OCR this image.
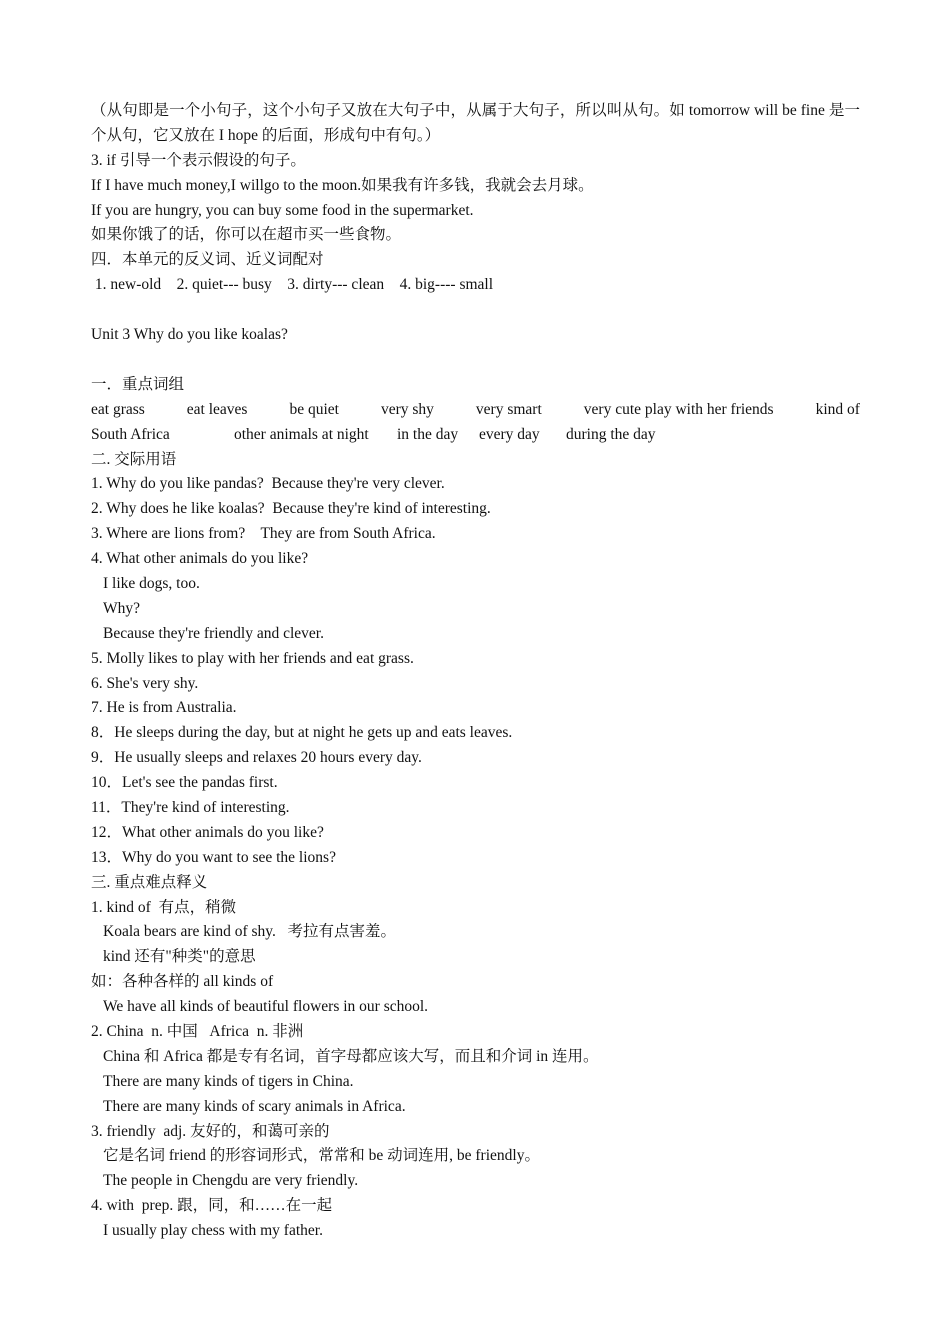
（从句即是一个小句子，这个小句子又放在大句子中，从属于大句子，所以叫从句。如 tomorrow will be fine 是一个从句，它又放在 I hope 的后面，形成句中有句。）
3. if 引导一个表示假设的句子。
If I have much money,I willgo to the moon.如果我有许多钱，我就会去月球。
If you are hungry, you can buy some food in the supermarket.
如果你饿了的话，你可以在超市买一些食物。
四．本单元的反义词、近义词配对
1. new-old    2. quiet--- busy    3. dirty--- clean    4. big---- small
Unit 3 Why do you like koalas?
一．重点词组
eat grass	eat leaves	be quiet	very shy	very smart	very cute play with her friends	kind of
South Africa	other animals at night	in the day	every day	during the day
二. 交际用语
1. Why do you like pandas?  Because they're very clever.
2. Why does he like koalas?  Because they're kind of interesting.
3. Where are lions from?    They are from South Africa.
4. What other animals do you like?
I like dogs, too.
Why?
Because they're friendly and clever.
5. Molly likes to play with her friends and eat grass.
6. She's very shy.
7. He is from Australia.
8．He sleeps during the day, but at night he gets up and eats leaves.
9．He usually sleeps and relaxes 20 hours every day.
10．Let's see the pandas first.
11．They're kind of interesting.
12．What other animals do you like?
13．Why do you want to see the lions?
三. 重点难点释义
1. kind of  有点，稍微
Koala bears are kind of shy.   考拉有点害羞。
kind 还有"种类"的意思
如：各种各样的 all kinds of
We have all kinds of beautiful flowers in our school.
2. China  n. 中国   Africa  n. 非洲
China 和 Africa 都是专有名词，首字母都应该大写，而且和介词 in 连用。
There are many kinds of tigers in China.
There are many kinds of scary animals in Africa.
3. friendly  adj. 友好的，和蔼可亲的
它是名词 friend 的形容词形式，常常和 be 动词连用, be friendly。
The people in Chengdu are very friendly.
4. with  prep. 跟，同，和……在一起
I usually play chess with my father.
